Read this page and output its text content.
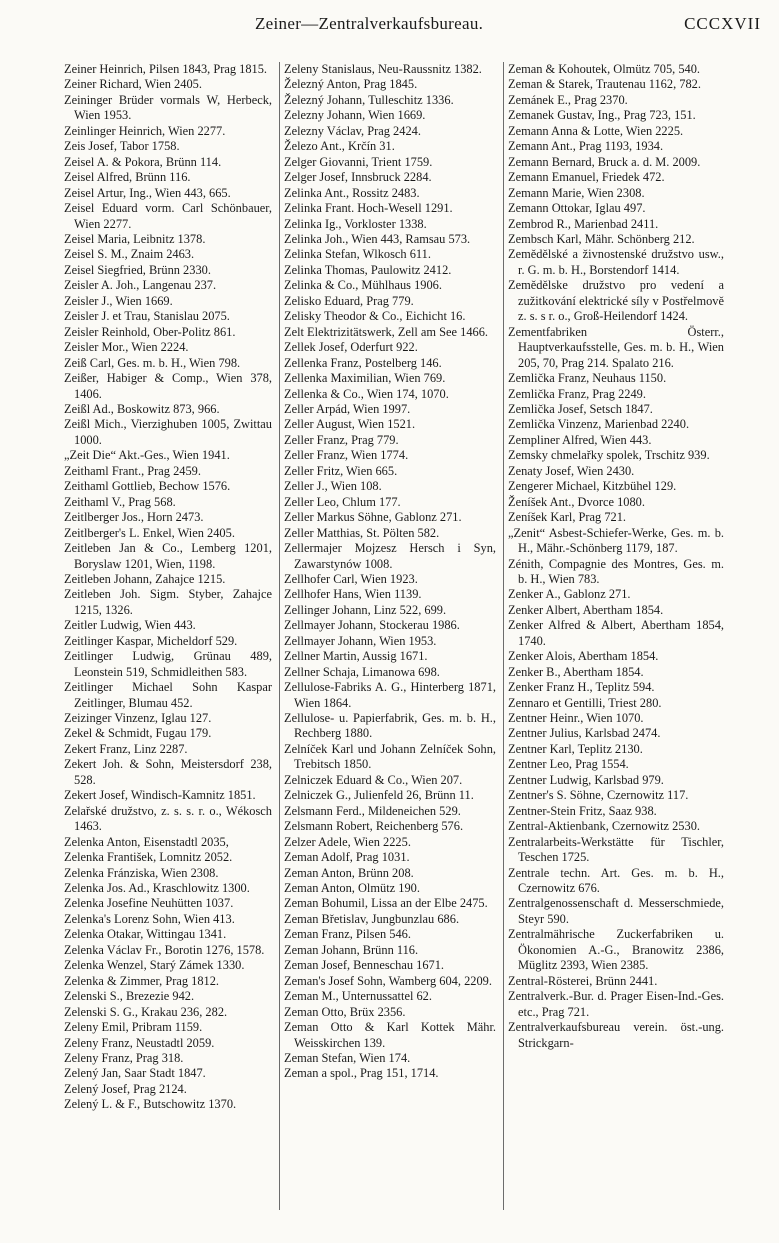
Zeiner—Zentralverkaufsbureau.	CCCXVII
Zeiner Heinrich, Pilsen 1843, Prag 1815.
Zeiner Richard, Wien 2405.
Zeininger Brüder vormals W, Herbeck, Wien 1953.
Zeinlinger Heinrich, Wien 2277.
Zeis Josef, Tabor 1758.
Zeisel A. & Pokora, Brünn 114.
Zeisel Alfred, Brünn 116.
Zeisel Artur, Ing., Wien 443, 665.
Zeisel Eduard vorm. Carl Schönbauer, Wien 2277.
Zeisel Maria, Leibnitz 1378.
Zeisel S. M., Znaim 2463.
Zeisel Siegfried, Brünn 2330.
Zeisler A. Joh., Langenau 237.
Zeisler J., Wien 1669.
Zeisler J. et Trau, Stanislau 2075.
Zeisler Reinhold, Ober-Politz 861.
Zeisler Mor., Wien 2224.
Zeiß Carl, Ges. m. b. H., Wien 798.
Zeißer, Habiger & Comp., Wien 378, 1406.
Zeißl Ad., Boskowitz 873, 966.
Zeißl Mich., Vierzighuben 1005, Zwittau 1000.
„Zeit Die“ Akt.-Ges., Wien 1941.
Zeithaml Frant., Prag 2459.
Zeithaml Gottlieb, Bechow 1576.
Zeithaml V., Prag 568.
Zeitlberger Jos., Horn 2473.
Zeitlberger's L. Enkel, Wien 2405.
Zeitleben Jan & Co., Lemberg 1201, Boryslaw 1201, Wien, 1198.
Zeitleben Johann, Zahajce 1215.
Zeitleben Joh. Sigm. Styber, Zahajce 1215, 1326.
Zeitler Ludwig, Wien 443.
Zeitlinger Kaspar, Micheldorf 529.
Zeitlinger Ludwig, Grünau 489, Leonstein 519, Schmidleithen 583.
Zeitlinger Michael Sohn Kaspar Zeitlinger, Blumau 452.
Zeizinger Vinzenz, Iglau 127.
Zekel & Schmidt, Fugau 179.
Zekert Franz, Linz 2287.
Zekert Joh. & Sohn, Meistersdorf 238, 528.
Zekert Josef, Windisch-Kamnitz 1851.
Zelařské družstvo, z. s. s. r. o., Wékosch 1463.
Zelenka Anton, Eisenstadtl 2035,
Zelenka František, Lomnitz 2052.
Zelenka Fránziska, Wien 2308.
Zelenka Jos. Ad., Kraschlowitz 1300.
Zelenka Josefine Neuhütten 1037.
Zelenka's Lorenz Sohn, Wien 413.
Zelenka Otakar, Wittingau 1341.
Zelenka Václav Fr., Borotin 1276, 1578.
Zelenka Wenzel, Starý Zámek 1330.
Zelenka & Zimmer, Prag 1812.
Zelenski S., Brezezie 942.
Zelenski S. G., Krakau 236, 282.
Zeleny Emil, Pribram 1159.
Zeleny Franz, Neustadtl 2059.
Zeleny Franz, Prag 318.
Zelený Jan, Saar Stadt 1847.
Zelený Josef, Prag 2124.
Zelený L. & F., Butschowitz 1370.
Zeleny Stanislaus, Neu-Raussnitz 1382.
Železný Anton, Prag 1845.
Železný Johann, Tulleschitz 1336.
Zelezny Johann, Wien 1669.
Zelezny Václav, Prag 2424.
Železo Ant., Krčín 31.
Zelger Giovanni, Trient 1759.
Zelger Josef, Innsbruck 2284.
Zelinka Ant., Rossitz 2483.
Zelinka Frant. Hoch-Wesell 1291.
Zelinka Ig., Vorkloster 1338.
Zelinka Joh., Wien 443, Ramsau 573.
Zelinka Stefan, Wlkosch 611.
Zelinka Thomas, Paulowitz 2412.
Zelinka & Co., Mühlhaus 1906.
Zelisko Eduard, Prag 779.
Zelisky Theodor & Co., Eichicht 16.
Zelt Elektrizitätswerk, Zell am See 1466.
Zellek Josef, Oderfurt 922.
Zellenka Franz, Postelberg 146.
Zellenka Maximilian, Wien 769.
Zellenka & Co., Wien 174, 1070.
Zeller Arpád, Wien 1997.
Zeller August, Wien 1521.
Zeller Franz, Prag 779.
Zeller Franz, Wien 1774.
Zeller Fritz, Wien 665.
Zeller J., Wien 108.
Zeller Leo, Chlum 177.
Zeller Markus Söhne, Gablonz 271.
Zeller Matthias, St. Pölten 582.
Zellermajer Mojzesz Hersch i Syn, Zawarstynów 1008.
Zellhofer Carl, Wien 1923.
Zellhofer Hans, Wien 1139.
Zellinger Johann, Linz 522, 699.
Zellmayer Johann, Stockerau 1986.
Zellmayer Johann, Wien 1953.
Zellner Martin, Aussig 1671.
Zellner Schaja, Limanowa 698.
Zellulose-Fabriks A. G., Hinterberg 1871, Wien 1864.
Zellulose- u. Papierfabrik, Ges. m. b. H., Rechberg 1880.
Zelníček Karl und Johann Zelníček Sohn, Trebitsch 1850.
Zelniczek Eduard & Co., Wien 207.
Zelniczek G., Julienfeld 26, Brünn 11.
Zelsmann Ferd., Mildeneichen 529.
Zelsmann Robert, Reichenberg 576.
Zelzer Adele, Wien 2225.
Zeman Adolf, Prag 1031.
Zeman Anton, Brünn 208.
Zeman Anton, Olmütz 190.
Zeman Bohumil, Lissa an der Elbe 2475.
Zeman Břetislav, Jungbunzlau 686.
Zeman Franz, Pilsen 546.
Zeman Johann, Brünn 116.
Zeman Josef, Benneschau 1671.
Zeman's Josef Sohn, Wamberg 604, 2209.
Zeman M., Unternussattel 62.
Zeman Otto, Brüx 2356.
Zeman Otto & Karl Kottek Mähr. Weisskirchen 139.
Zeman Stefan, Wien 174.
Zeman a spol., Prag 151, 1714.
Zeman & Kohoutek, Olmütz 705, 540.
Zeman & Starek, Trautenau 1162, 782.
Zemánek E., Prag 2370.
Zemanek Gustav, Ing., Prag 723, 151.
Zemann Anna & Lotte, Wien 2225.
Zemann Ant., Prag 1193, 1934.
Zemann Bernard, Bruck a. d. M. 2009.
Zemann Emanuel, Friedek 472.
Zemann Marie, Wien 2308.
Zemann Ottokar, Iglau 497.
Zembrod R., Marienbad 2411.
Zembsch Karl, Mähr. Schönberg 212.
Zemědělské a živnostenské družstvo usw., r. G. m. b. H., Borstendorf 1414.
Zemědělske družstvo pro vedení a zužitkování elektrické síly v Postřelmově z. s. s r. o., Groß-Heilendorf 1424.
Zementfabriken Österr., Hauptverkaufsstelle, Ges. m. b. H., Wien 205, 70, Prag 214. Spalato 216.
Zemlička Franz, Neuhaus 1150.
Zemlička Franz, Prag 2249.
Zemlička Josef, Setsch 1847.
Zemlička Vinzenz, Marienbad 2240.
Zempliner Alfred, Wien 443.
Zemsky chmelařky spolek, Trschitz 939.
Zenaty Josef, Wien 2430.
Zengerer Michael, Kitzbühel 129.
Ženíšek Ant., Dvorce 1080.
Zeníšek Karl, Prag 721.
„Zenit“ Asbest-Schiefer-Werke, Ges. m. b. H., Mähr.-Schönberg 1179, 187.
Zénith, Compagnie des Montres, Ges. m. b. H., Wien 783.
Zenker A., Gablonz 271.
Zenker Albert, Abertham 1854.
Zenker Alfred & Albert, Abertham 1854, 1740.
Zenker Alois, Abertham 1854.
Zenker B., Abertham 1854.
Zenker Franz H., Teplitz 594.
Zennaro et Gentilli, Triest 280.
Zentner Heinr., Wien 1070.
Zentner Julius, Karlsbad 2474.
Zentner Karl, Teplitz 2130.
Zentner Leo, Prag 1554.
Zentner Ludwig, Karlsbad 979.
Zentner's S. Söhne, Czernowitz 117.
Zentner-Stein Fritz, Saaz 938.
Zentral-Aktienbank, Czernowitz 2530.
Zentralarbeits-Werkstätte für Tischler, Teschen 1725.
Zentrale techn. Art. Ges. m. b. H., Czernowitz 676.
Zentralgenossenschaft d. Messerschmiede, Steyr 590.
Zentralmährische Zuckerfabriken u. Ökonomien A.-G., Branowitz 2386, Müglitz 2393, Wien 2385.
Zentral-Rösterei, Brünn 2441.
Zentralverk.-Bur. d. Prager Eisen-Ind.-Ges. etc., Prag 721.
Zentralverkaufsbureau verein. öst.-ung. Strickgarn-
